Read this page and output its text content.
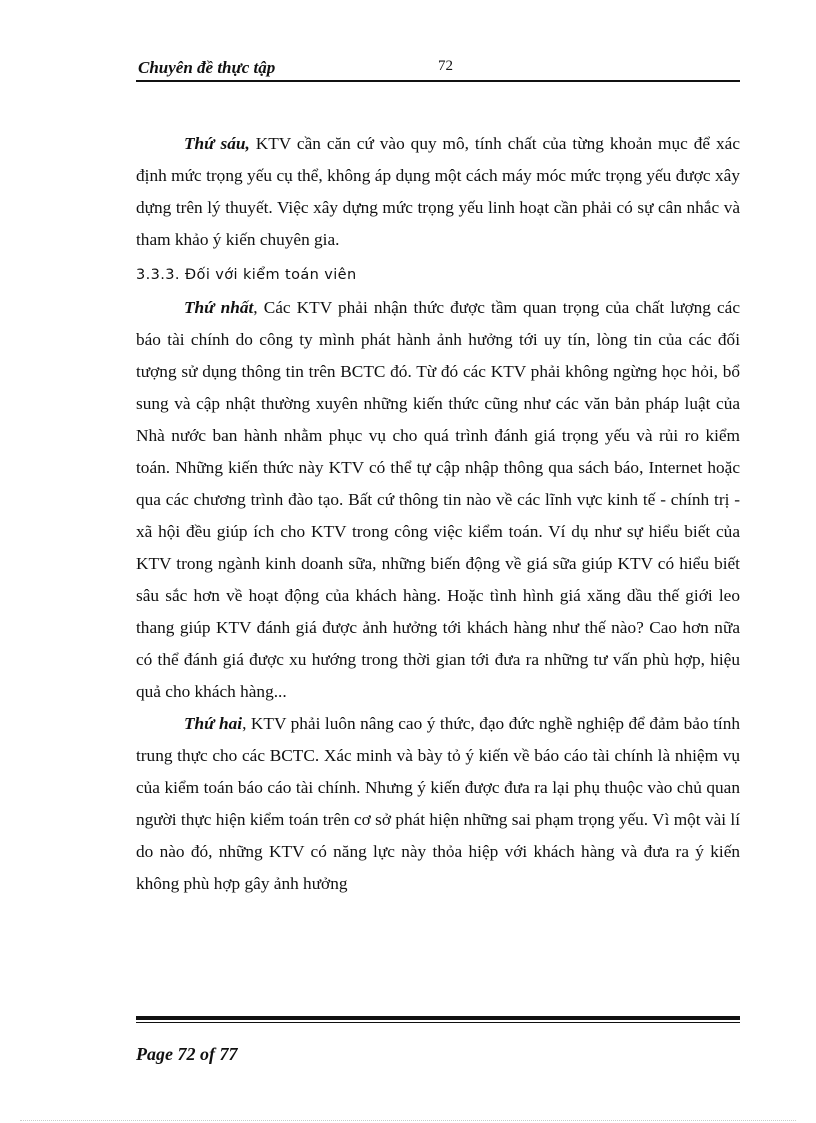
Chuyên đề thực tập	72

Thứ sáu, KTV cần căn cứ vào quy mô, tính chất của từng khoản mục để xác định mức trọng yếu cụ thể, không áp dụng một cách máy móc mức trọng yếu được xây dựng trên lý thuyết. Việc xây dựng mức trọng yếu linh hoạt cần phải có sự cân nhắc và tham khảo ý kiến chuyên gia.

3.3.3. Đối với kiểm toán viên

Thứ nhất, Các KTV phải nhận thức được tầm quan trọng của chất lượng các báo tài chính do công ty mình phát hành ảnh hưởng tới uy tín, lòng tin của các đối tượng sử dụng thông tin trên BCTC đó. Từ đó các KTV phải không ngừng học hỏi, bổ sung và cập nhật thường xuyên những kiến thức cũng như các văn bản pháp luật của Nhà nước ban hành nhằm phục vụ cho quá trình đánh giá trọng yếu và rủi ro kiểm toán. Những kiến thức này KTV có thể tự cập nhập thông qua sách báo, Internet hoặc qua các chương trình đào tạo. Bất cứ thông tin nào về các lĩnh vực kinh tế - chính trị - xã hội đều giúp ích cho KTV trong công việc kiểm toán. Ví dụ như sự hiểu biết của KTV trong ngành kinh doanh sữa, những biến động về giá sữa giúp KTV có hiểu biết sâu sắc hơn về hoạt động của khách hàng. Hoặc tình hình giá xăng dầu thế giới leo thang giúp KTV đánh giá được ảnh hưởng tới khách hàng như thế nào? Cao hơn nữa có thể đánh giá được xu hướng trong thời gian tới đưa ra những tư vấn phù hợp, hiệu quả cho khách hàng...

Thứ hai, KTV phải luôn nâng cao ý thức, đạo đức nghề nghiệp để đảm bảo tính trung thực cho các BCTC. Xác minh và bày tỏ ý kiến về báo cáo tài chính là nhiệm vụ của kiểm toán báo cáo tài chính. Nhưng ý kiến được đưa ra lại phụ thuộc vào chủ quan người thực hiện kiểm toán trên cơ sở phát hiện những sai phạm trọng yếu. Vì một vài lí do nào đó, những KTV có năng lực này thỏa hiệp với khách hàng và đưa ra ý kiến không phù hợp gây ảnh hưởng

Page 72 of 77
